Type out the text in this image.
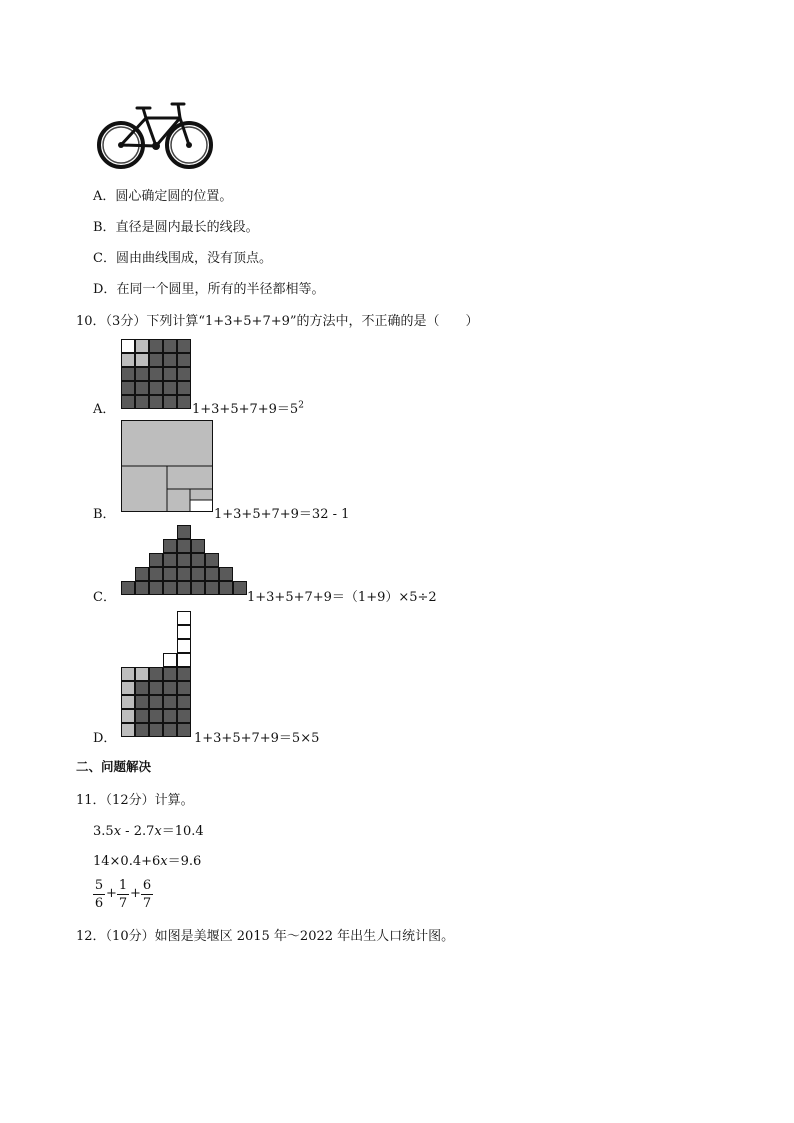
A．圆心确定圆的位置。
B．直径是圆内最长的线段。
C．圆由曲线围成，没有顶点。
D．在同一个圆里，所有的半径都相等。
10．（3分）下列计算“1+3+5+7+9”的方法中，不正确的是（　　）
A．	$1+3+5+7+9=5^2$
B．	1+3+5+7+9＝32 - 1
C．	1+3+5+7+9＝（1+9）×5÷2
D．	1+3+5+7+9＝5×5
二、问题解决
11．（12分）计算。
3.5x - 2.7x＝10.4
14×0.4+6x＝9.6
5
6
+
1
7
+
6
7
12．（10分）如图是美堰区 2015 年～2022 年出生人口统计图。
